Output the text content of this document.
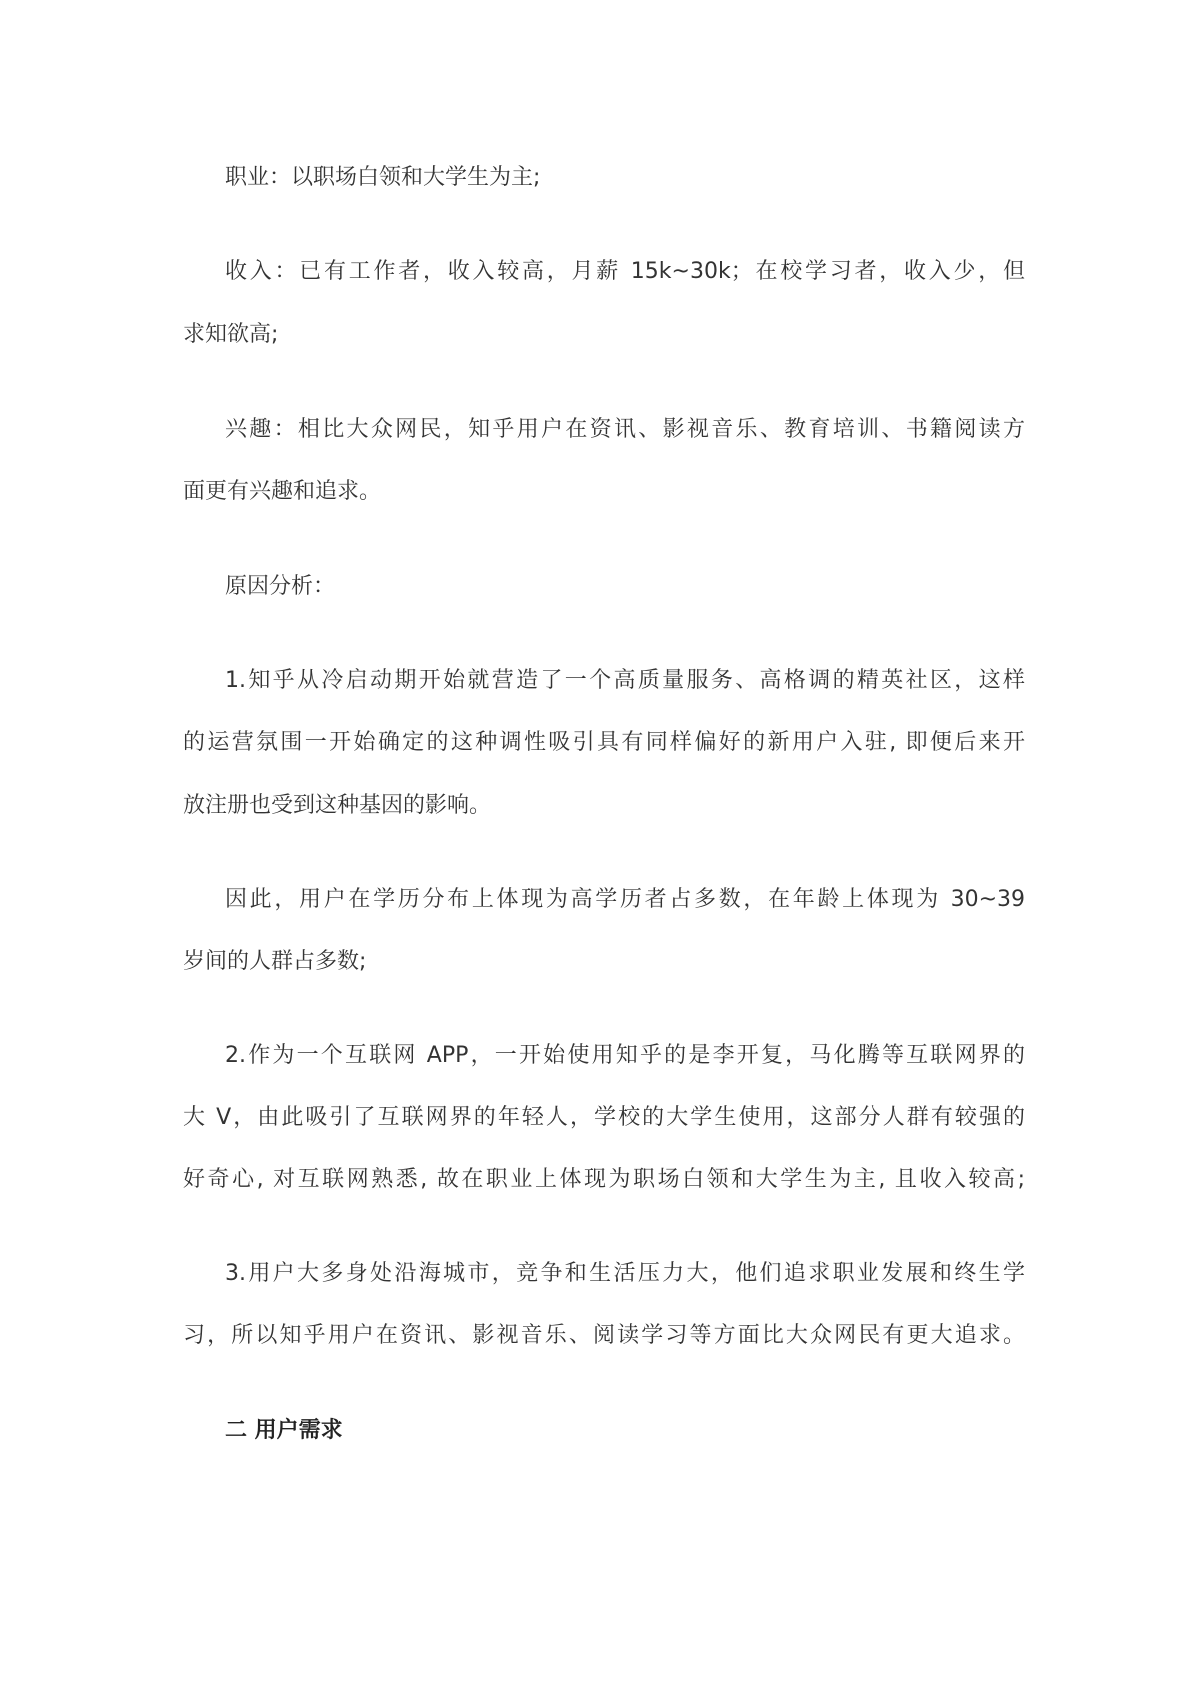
职业：以职场白领和大学生为主;
收入：已有工作者，收入较高，月薪 15k~30k；在校学习者，收入少，但
求知欲高;
兴趣：相比大众网民，知乎用户在资讯、影视音乐、教育培训、书籍阅读方
面更有兴趣和追求。
原因分析：
1.知乎从冷启动期开始就营造了一个高质量服务、高格调的精英社区，这样
的运营氛围一开始确定的这种调性吸引具有同样偏好的新用户入驻, 即便后来开
放注册也受到这种基因的影响。
因此，用户在学历分布上体现为高学历者占多数，在年龄上体现为 30~39
岁间的人群占多数;
2.作为一个互联网 APP，一开始使用知乎的是李开复，马化腾等互联网界的
大 V，由此吸引了互联网界的年轻人，学校的大学生使用，这部分人群有较强的
好奇心, 对互联网熟悉, 故在职业上体现为职场白领和大学生为主, 且收入较高;
3.用户大多身处沿海城市，竞争和生活压力大，他们追求职业发展和终生学
习，所以知乎用户在资讯、影视音乐、阅读学习等方面比大众网民有更大追求。
二 用户需求
